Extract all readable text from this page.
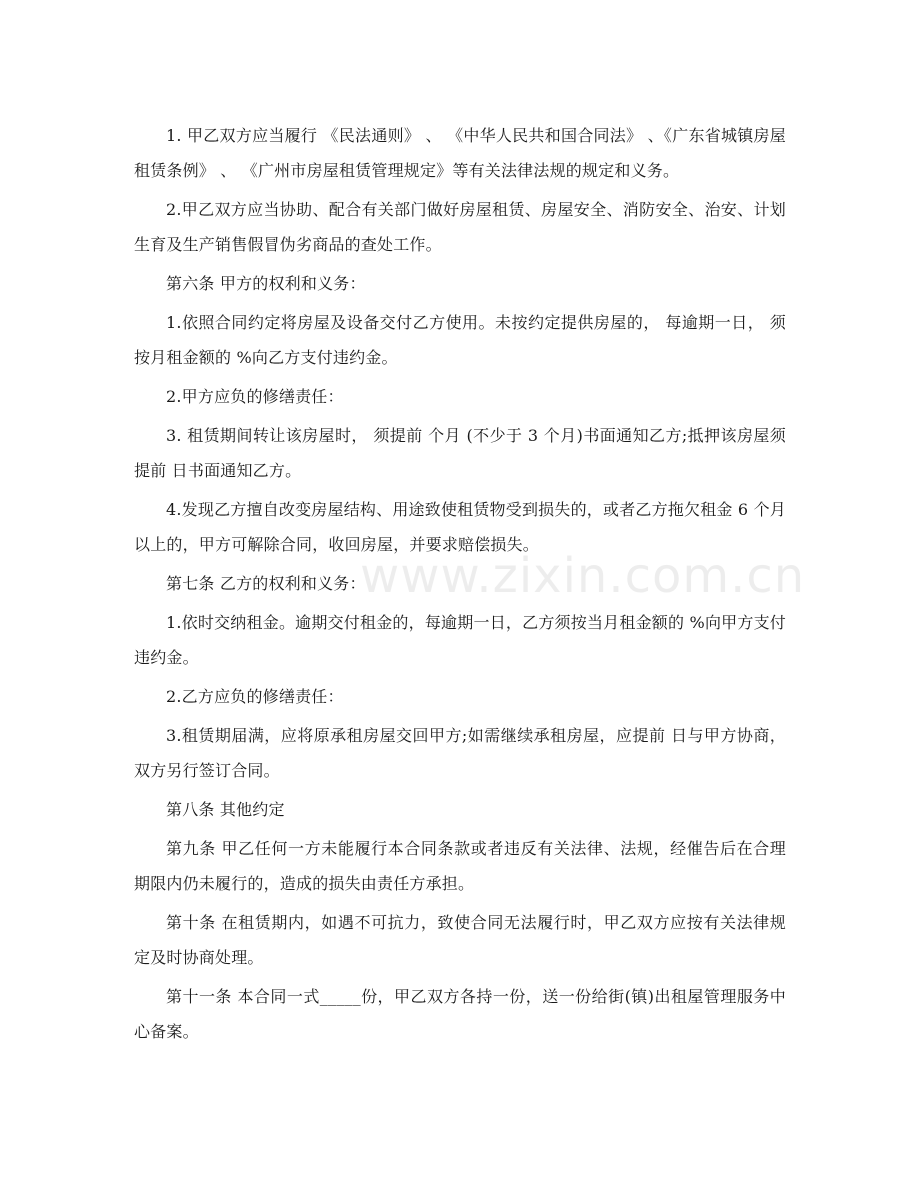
1. 甲乙双方应当履行 《民法通则》 、 《中华人民共和国合同法》 、《广东省城镇房屋租赁条例》 、 《广州市房屋租赁管理规定》等有关法律法规的规定和义务。

2.甲乙双方应当协助、配合有关部门做好房屋租赁、房屋安全、消防安全、治安、计划生育及生产销售假冒伪劣商品的查处工作。

第六条 甲方的权利和义务：

1.依照合同约定将房屋及设备交付乙方使用。未按约定提供房屋的， 每逾期一日， 须按月租金额的 %向乙方支付违约金。

2.甲方应负的修缮责任：

3. 租赁期间转让该房屋时， 须提前 个月 (不少于 3 个月)书面通知乙方;抵押该房屋须提前 日书面通知乙方。

4.发现乙方擅自改变房屋结构、用途致使租赁物受到损失的，或者乙方拖欠租金 6 个月以上的，甲方可解除合同，收回房屋，并要求赔偿损失。

第七条 乙方的权利和义务：

1.依时交纳租金。逾期交付租金的，每逾期一日，乙方须按当月租金额的 %向甲方支付违约金。

2.乙方应负的修缮责任：

3.租赁期届满，应将原承租房屋交回甲方;如需继续承租房屋，应提前 日与甲方协商，双方另行签订合同。

第八条 其他约定

第九条 甲乙任何一方未能履行本合同条款或者违反有关法律、法规，经催告后在合理期限内仍未履行的，造成的损失由责任方承担。

第十条 在租赁期内，如遇不可抗力，致使合同无法履行时，甲乙双方应按有关法律规定及时协商处理。

第十一条 本合同一式_____份，甲乙双方各持一份，送一份给街(镇)出租屋管理服务中心备案。

www.zixin.com.cn
